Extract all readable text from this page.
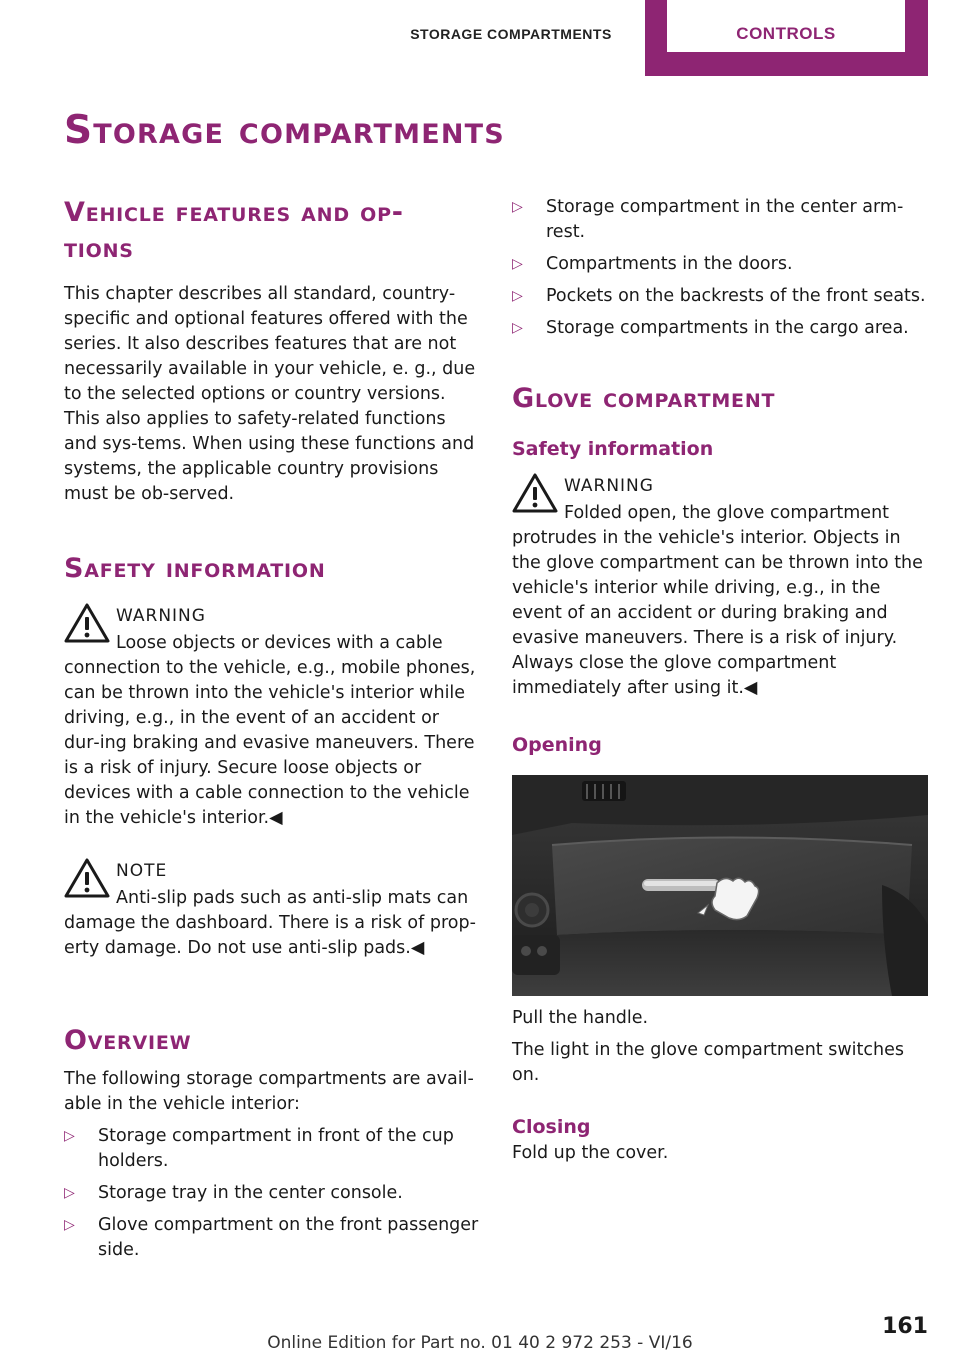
STORAGE COMPARTMENTS	CONTROLS
Storage compartments
Vehicle features and op‐
tions

This chapter describes all standard, country-specific and optional features offered with the series. It also describes features that are not necessarily available in your vehicle, e. g., due to the selected options or country versions. This also applies to safety-related functions and sys‐tems. When using these functions and systems, the applicable country provisions must be ob‐served.

Safety information
WARNING

Loose objects or devices with a cable connection to the vehicle, e.g., mobile phones, can be thrown into the vehicle's interior while driving, e.g., in the event of an accident or dur‐ing braking and evasive maneuvers. There is a risk of injury. Secure loose objects or devices with a cable connection to the vehicle in the vehicle's interior.◀

NOTE

Anti-slip pads such as anti-slip mats can damage the dashboard. There is a risk of prop‐erty damage. Do not use anti-slip pads.◀

Overview

The following storage compartments are avail‐able in the vehicle interior:

▷ Storage compartment in front of the cup holders.
▷ Storage tray in the center console.
▷ Glove compartment on the front passenger side.
▷ Storage compartment in the center arm‐rest.
▷ Compartments in the doors.
▷ Pockets on the backrests of the front seats.
▷ Storage compartments in the cargo area.
Glove compartment
Safety information
WARNING

Folded open, the glove compartment protrudes in the vehicle's interior. Objects in the glove compartment can be thrown into the vehicle's interior while driving, e.g., in the event of an accident or during braking and evasive maneuvers. There is a risk of injury. Always close the glove compartment immediately after using it.◀

Opening

Pull the handle.

The light in the glove compartment switches on.

Closing

Fold up the cover.

161
Online Edition for Part no. 01 40 2 972 253 - VI/16
